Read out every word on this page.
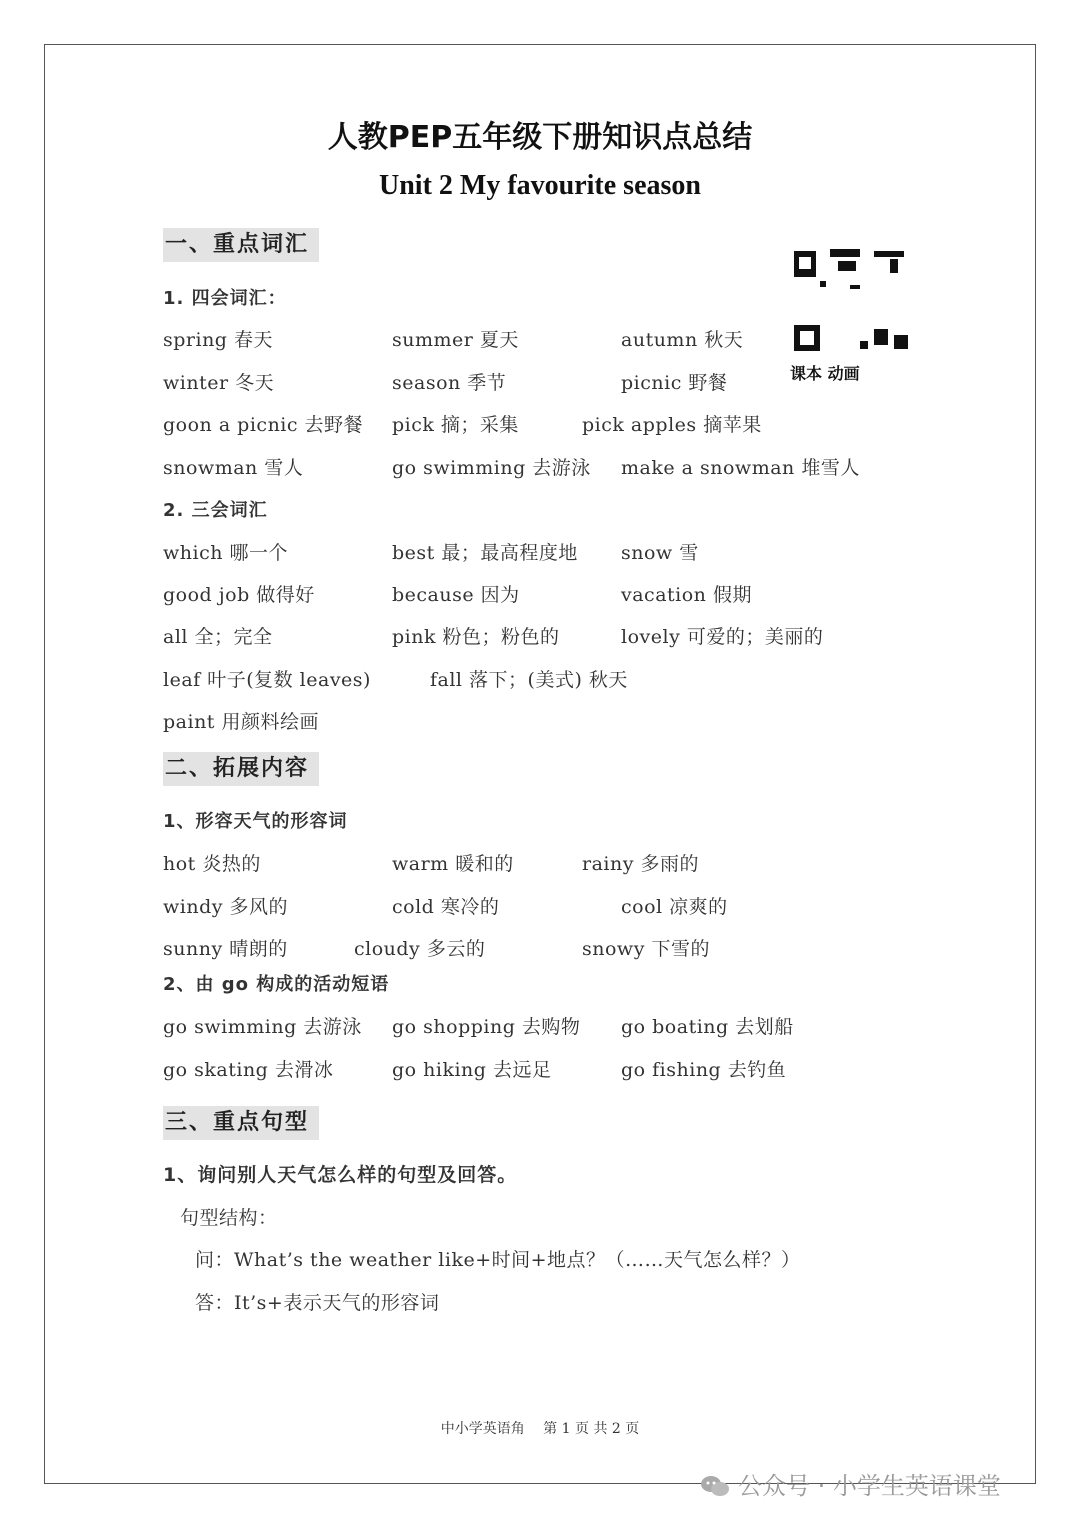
人教PEP五年级下册知识点总结
Unit 2 My favourite season
课本 动画
一、重点词汇
1. 四会词汇：
spring 春天	summer 夏天	autumn 秋天
winter 冬天	season 季节	picnic 野餐
goon a picnic 去野餐 pick 摘；采集	pick apples 摘苹果
snowman 雪人	go swimming 去游泳 make a snowman 堆雪人
2. 三会词汇
which 哪一个	best 最；最高程度地 snow 雪
good job 做得好	because 因为	vacation 假期
all 全；完全	pink 粉色；粉色的	lovely 可爱的；美丽的
leaf 叶子(复数 leaves)	fall 落下；(美式) 秋天
paint 用颜料绘画
二、拓展内容
1、形容天气的形容词
hot 炎热的	warm 暖和的	rainy 多雨的
windy 多风的	cold 寒冷的	cool 凉爽的
sunny 晴朗的	cloudy 多云的	snowy 下雪的
2、由 go 构成的活动短语
go swimming 去游泳 go shopping 去购物 go boating 去划船
go skating 去滑冰	go hiking 去远足	go fishing 去钓鱼
三、重点句型
1、询问别人天气怎么样的句型及回答。
句型结构：
问：What’s the weather like+时间+地点？（……天气怎么样？）
答：It’s+表示天气的形容词
中小学英语角　 第 1 页 共 2 页
公众号 · 小学生英语课堂
